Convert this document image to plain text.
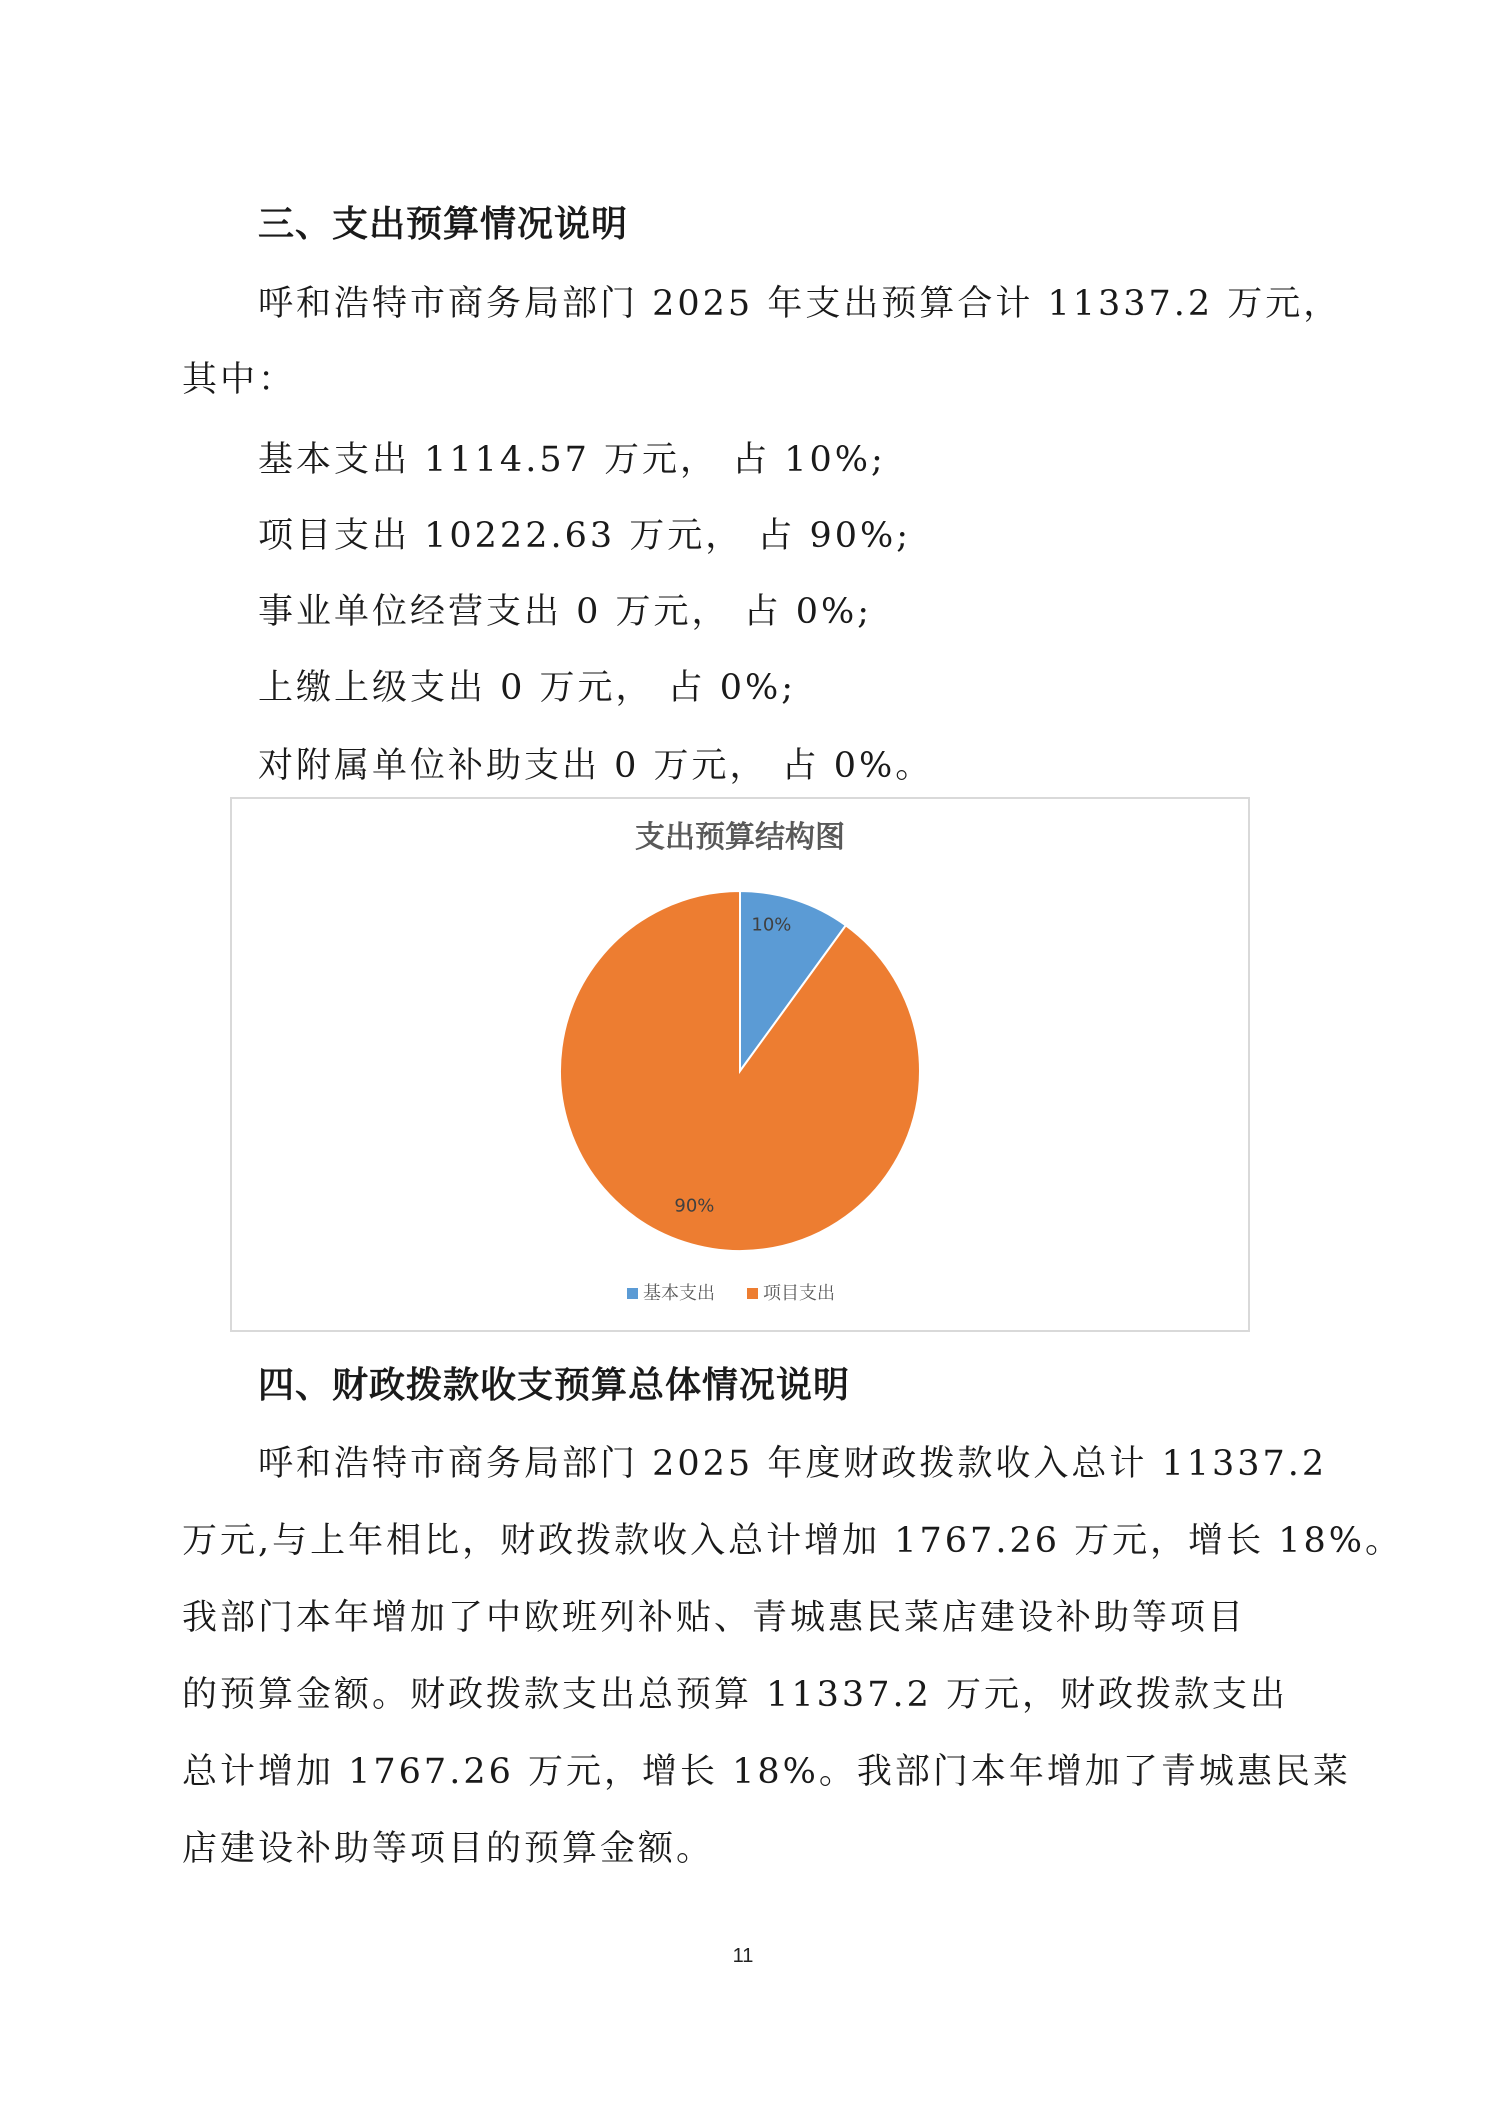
三、支出预算情况说明
呼和浩特市商务局部门 2025 年支出预算合计 11337.2 万元，
其中：
基本支出 1114.57 万元， 占 10%;
项目支出 10222.63 万元， 占 90%;
事业单位经营支出 0 万元， 占 0%;
上缴上级支出 0 万元， 占 0%;
对附属单位补助支出 0 万元， 占 0%。
支出预算结构图
10%
90%
基本支出	项目支出
四、财政拨款收支预算总体情况说明
呼和浩特市商务局部门 2025 年度财政拨款收入总计 11337.2
万元,与上年相比，财政拨款收入总计增加 1767.26 万元，增长 18%。
我部门本年增加了中欧班列补贴、青城惠民菜店建设补助等项目
的预算金额。财政拨款支出总预算 11337.2 万元，财政拨款支出
总计增加 1767.26 万元，增长 18%。我部门本年增加了青城惠民菜
店建设补助等项目的预算金额。
11
